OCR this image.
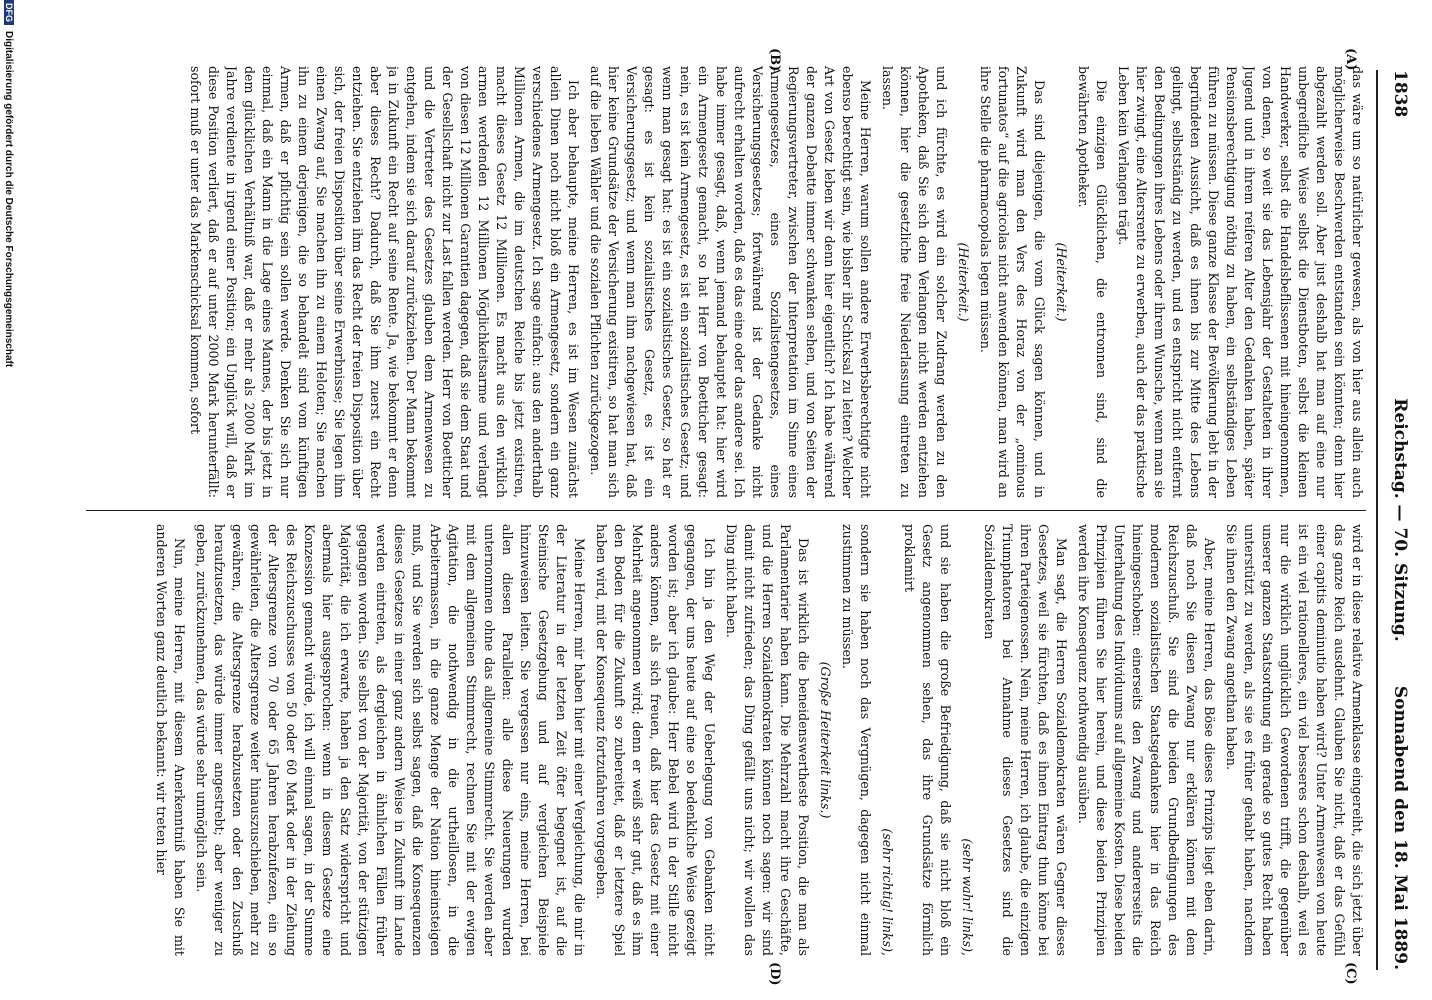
1838
Reichstag. — 70. Sitzung.
Sonnabend den 18. Mai 1889.
(A)
(B)
(C)
(D)

das wäre um so natürlicher gewesen, als von hier aus allein auch möglicherweise Beschwerden entstanden sein könnten; denn hier abgezahlt werden soll. Aber just deshalb hat man auf eine nur unbegreifliche Weise selbst die Dienstboten, selbst die kleinen Handwerker, selbst die Handelsbeflissenen mit hineingenommen, von denen, so weit sie das Lebensjahr der Gestalteten in ihrer Jugend und in ihrem reiferen Alter den Gedanken haben, später Pensionsberechtigung nöthig zu haben, ein selbständiges Leben führen zu müssen. Diese ganze Klasse der Bevölkerung lebt in der begründeten Aussicht, daß es ihnen bis zur Mitte des Lebens gelingt, selbstständig zu werden, und es entspricht nicht entfernt den Bedingungen ihres Lebens oder ihrem Wunsche, wenn man sie hier zwingt, eine Altersrente zu erwerben, auch der das praktische Leben kein Verlangen trägt.

Die einzigen Glücklichen, die entronnen sind, sind die bewährten Apotheker.

(Heiterkeit.)

Das sind diejenigen, die vom Glück sagen können, und in Zukunft wird man den Vers des Horaz von der „ominous fortunatos“ auf die agricolas nicht anwenden können, man wird an ihre Stelle die pharmacopolas legen müssen.

(Heiterkeit.)

und ich fürchte, es wird ein solcher Zudrang werden zu den Apotheken, daß Sie sich dem Verlangen nicht werden entziehen können, hier die gesetzliche freie Niederlassung eintreten zu lassen.

Meine Herren, warum sollen andere Erwerbsberechtigte nicht ebenso berechtigt sein, wie bisher ihr Schicksal zu leiten? Welcher Art von Gesetz leben wir denn hier eigentlich? Ich habe während der ganzen Debatte immer schwanken sehen, und von Seiten der Regierungsvertreter, zwischen der Interpretation im Sinne eines Armengesetzes, eines Sozialistengesetzes, eines Versicherungsgesetzes; fortwährend ist der Gedanke nicht aufrecht erhalten worden, daß es das eine oder das andere sei. Ich habe immer gesagt, daß, wenn jemand behauptet hat: hier wird ein Armengesetz gemacht, so hat Herr von Boetticher gesagt: nein, es ist kein Armengesetz, es ist ein sozialistisches Gesetz; und wenn man gesagt hat: es ist ein sozialistisches Gesetz, so hat er gesagt: es ist kein sozialistisches Gesetz, es ist ein Versicherungsgesetz; und wenn man ihm nachgewiesen hat, daß hier keine Grundsätze der Versicherung existiren, so hat man sich auf die lieben Wähler und die sozialen Pflichten zurückgezogen.

Ich aber behaupte, meine Herren, es ist im Wesen zunächst allein Dinen noch nicht bloß ein Armengesetz, sondern ein ganz verschiedenes Armengesetz. Ich sage einfach: aus den anderthalb Millionen Armen, die im deutschen Reiche bis jetzt existiren, macht dieses Gesetz 12 Millionen. Es macht aus den wirklich armen werdenden 12 Millionen Möglichkeitsarme und verlangt von diesen 12 Millionen Garantien dagegen, daß sie dem Staat und der Gesellschaft nicht zur Last fallen werden. Herr von Boetticher und die Vertreter des Gesetzes glauben dem Armenwesen zu entgehen, indem sie sich darauf zurückziehen. Der Mann bekommt ja in Zukunft ein Recht auf seine Rente. Ja, wie bekommt er denn aber dieses Recht? Dadurch, daß Sie ihm zuerst ein Recht entziehen. Sie entziehen ihm das Recht der freien Disposition über sich, der freien Disposition über seine Erwerbnisse; Sie legen ihm einen Zwang auf, Sie machen ihn zu einem Heloten; Sie machen ihn zu einem derjenigen, die so behandelt sind vom künftigen Armen, daß er pflichtig sein sollen werde. Denken Sie sich nur einmal, daß ein Mann in die Lage eines Mannes, der bis jetzt in dem glücklichen Verhältniß war, daß er mehr als 2000 Mark im Jahre verdiente in irgend einer Position; ein Unglück will, daß er diese Position verliert, daß er auf unter 2000 Mark herunterfällt: sofort muß er unter das Markenschicksal kommen, sofort

wird er in diese relative Armenklasse eingereiht, die sich jetzt über das ganze Reich ausdehnt. Glauben Sie nicht, daß er das Gefühl einer capitis deminutio haben wird? Unter Armenwesen von heute ist ein viel rationelleres, ein viel besseres schon deshalb, weil es nur die wirklich unglücklich Gewordenen trifft, die gegenüber unserer ganzen Staatsordnung ein gerade so gutes Recht haben unterstützt zu werden, als sie es früher gehabt haben, nachdem Sie ihnen den Zwang angethan haben.

Aber, meine Herren, das Böse dieses Prinzips liegt eben darin, daß noch Sie diesen Zwang nur erklären können mit dem Reichszuschuß. Sie sind die beiden Grundbedingungen des modernen sozialistischen Staatsgedankens hier in das Reich hineingeschoben: einerseits den Zwang und andererseits die Unterhaltung des Individuums auf allgemeine Kosten. Diese beiden Prinzipien führen Sie hier herein, und diese beiden Prinzipien werden ihre Konsequenz nothwendig ausüben.

Man sagt, die Herren Sozialdemokraten wären Gegner dieses Gesetzes, weil sie fürchten, daß es ihnen Eintrag thun könne bei ihren Parteigenossen. Nein, meine Herren, ich glaube, die einzigen Triumphatoren bei Annahme dieses Gesetzes sind die Sozialdemokraten

(sehr wahr! links),

und sie haben die große Befriedigung, daß sie nicht bloß ein Gesetz angenommen sehen, das ihre Grundsätze förmlich proklamirt

(sehr richtig! links),

sondern sie haben noch das Vergnügen, dagegen nicht einmal zustimmen zu müssen.

(Große Heiterkeit links.)

Das ist wirklich die beneidenswertheste Position, die man als Parlamentarier haben kann. Die Mehrzahl macht ihre Geschäfte, und die Herren Sozialdemokraten können noch sagen: wir sind damit nicht zufrieden; das Ding gefällt uns nicht; wir wollen das Ding nicht haben.

Ich bin ja den Weg der Ueberlegung von Gebanken nicht gegangen, der uns heute auf eine so bedenkliche Weise gezeigt worden ist; aber ich glaube: Herr Bebel wird in der Stille nicht anders können, als sich freuen, daß hier das Gesetz mit einer Mehrheit angenommen wird; denn er weiß sehr gut, daß es ihm den Boden für die Zukunft so zubereitet, daß er letztere Spiel haben wird, mit der Konsequenz fortzufahren vorgegeben.

Meine Herren, mir haben hier mit einer Vergleichung, die mir in der Literatur in der letzten Zeit öfter begegnet ist, auf die Steinische Gesetzgebung und auf vergleichen Beispiele hinzuweisen leiten. Sie vergessen nur eins, meine Herren, bei allen diesen Parallelen: alle diese Neuerungen wurden unternommen ohne das allgemeine Stimmrecht. Sie werden aber mit dem allgemeinen Stimmrecht, rechnen Sie mit der ewigen Agitation, die nothwendig in die urtheillosen, in die Arbeitermassen, in die ganze Menge der Nation hineinsteigen muß, und Sie werden sich selbst sagen, daß die Konsequenzen dieses Gesetzes in einer ganz andern Weise in Zukunft im Lande werden eintreten, als dergleichen in ähnlichen Fällen früher gegangen worden. Sie selbst von der Majorität, von der stützigen Majorität, die ich erwarte, haben ja den Satz widerspricht und abermals hier ausgesprochen: wenn in diesem Gesetze eine Konzession gemacht würde, ich will einmal sagen, in der Summe des Reichszuschusses von 50 oder 60 Mark oder in der Ziehung der Altersgrenze von 70 oder 65 Jahren herabzufezen, ein so gewährleiten, die Altersgrenze weiter hinauszuschieben, mehr zu gewähren, die Altersgrenze herabzusetzen oder den Zuschuß heraufzusetzen, das würde immer angestrebt; aber weniger zu geben, zurückzunehmen, das würde sehr unmöglich sein.

Nun, meine Herren, mit diesem Anerkenntniß haben Sie mit anderen Worten ganz deutlich bekannt: wir treten hier

DFGDigitalisierung gefördert durch die Deutsche Forschungsgemeinschaft
